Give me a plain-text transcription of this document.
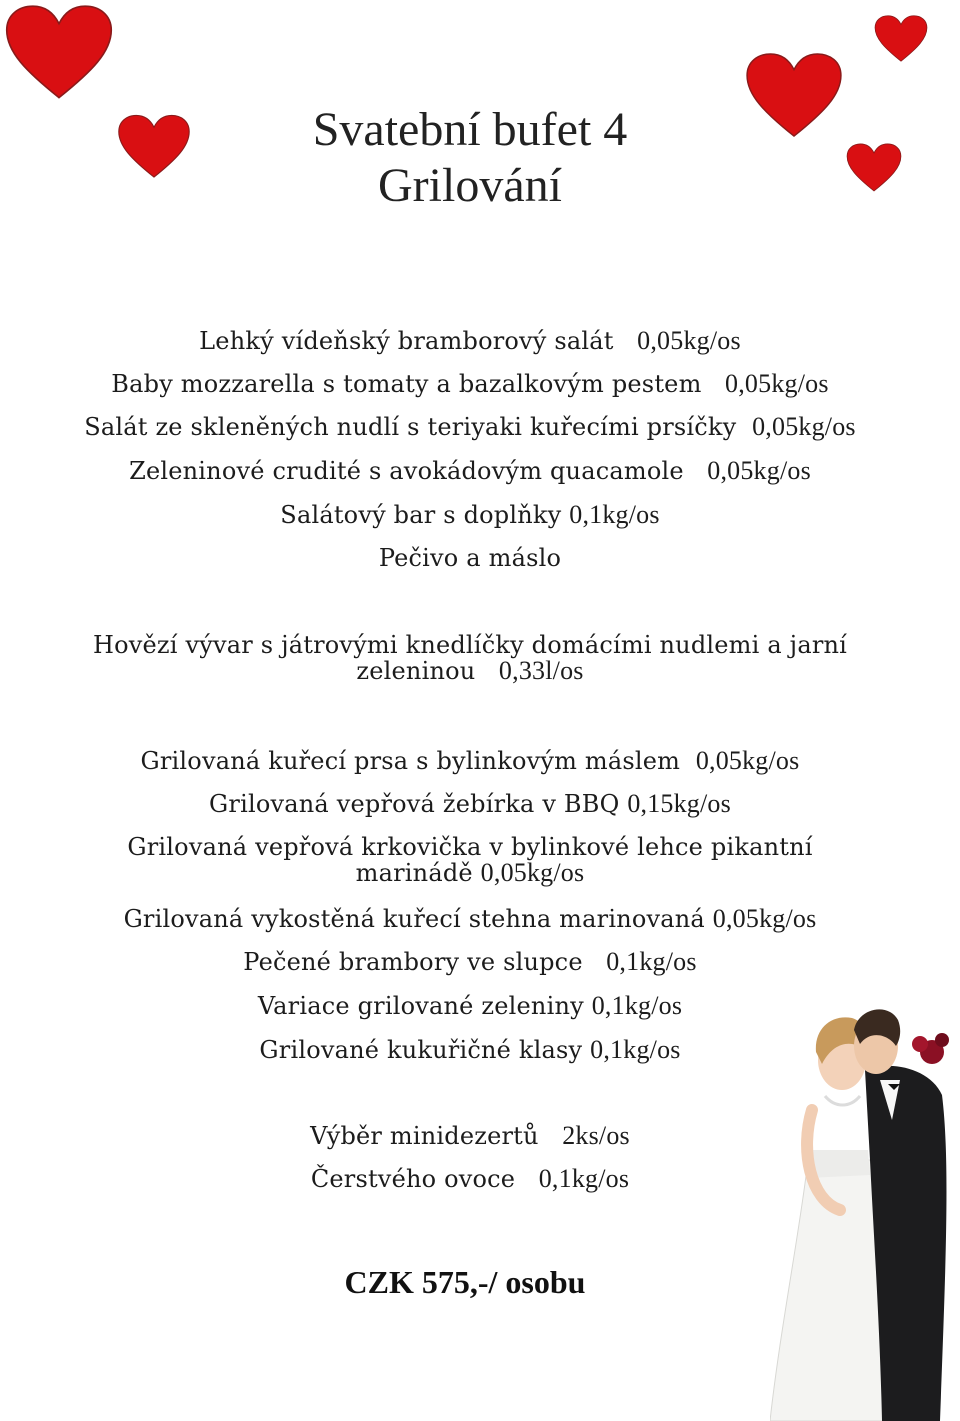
Svatební bufet 4
Grilování
Lehký vídeňský bramborový salát 0,05kg/os
Baby mozzarella s tomaty a bazalkovým pestem 0,05kg/os
Salát ze skleněných nudlí s teriyaki kuřecími prsíčky 0,05kg/os
Zeleninové crudité s avokádovým quacamole 0,05kg/os
Salátový bar s doplňky 0,1kg/os
Pečivo a máslo
Hovězí vývar s játrovými knedlíčky domácími nudlemi a jarní zeleninou 0,33l/os
Grilovaná kuřecí prsa s bylinkovým máslem 0,05kg/os
Grilovaná vepřová žebírka v BBQ 0,15kg/os
Grilovaná vepřová krkovička v bylinkové lehce pikantní marinádě 0,05kg/os
Grilovaná vykostěná kuřecí stehna marinovaná 0,05kg/os
Pečené brambory ve slupce 0,1kg/os
Variace grilované zeleniny 0,1kg/os
Grilované kukuřičné klasy 0,1kg/os
Výběr minidezertů 2ks/os
Čerstvého ovoce 0,1kg/os
CZK 575,-/ osobu
